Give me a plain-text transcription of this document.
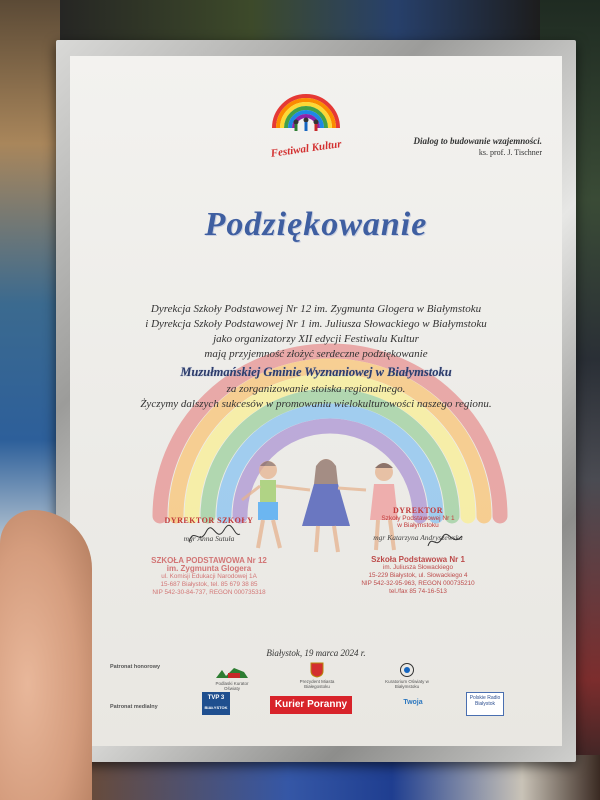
Festiwal Kultur	Dialog to budowanie wzajemności.
ks. prof. J. Tischner
Podziękowanie
Dyrekcja Szkoły Podstawowej Nr 12 im. Zygmunta Glogera w Białymstoku
i Dyrekcja Szkoły Podstawowej Nr 1 im. Juliusza Słowackiego w Białymstoku
jako organizatorzy XII edycji Festiwalu Kultur
mają przyjemność złożyć serdeczne podziękowanie
Muzułmańskiej Gminie Wyznaniowej w Białymstoku
za zorganizowanie stoiska regionalnego.
Życzymy dalszych sukcesów w promowaniu wielokulturowości naszego regionu.
DYREKTOR SZKOŁY
mgr Anna Sutuła
SZKOŁA PODSTAWOWA Nr 12
im. Zygmunta Glogera
ul. Komisji Edukacji Narodowej 1A
15-687 Białystok, tel. 85 679 38 85
NIP 542-30-84-737, REGON 000735318
DYREKTOR
Szkoły Podstawowej Nr 1
w Białymstoku
mgr Katarzyna Andryszewska
Szkoła Podstawowa Nr 1
im. Juliusza Słowackiego
15-229 Białystok, ul. Słowackiego 4
NIP 542-32-95-963, REGON 000735210
tel./fax 85 74-16-513
Białystok, 19 marca 2024 r.
Patronat honorowy
Patronat medialny
Podlaski Kurator Oświaty
Prezydent Miasta Białegostoku
Kuratorium Oświaty w Białymstoku
TVP 3
BIAŁYSTOK	Kurier Poranny	Twoja
Polskie Radio Białystok
